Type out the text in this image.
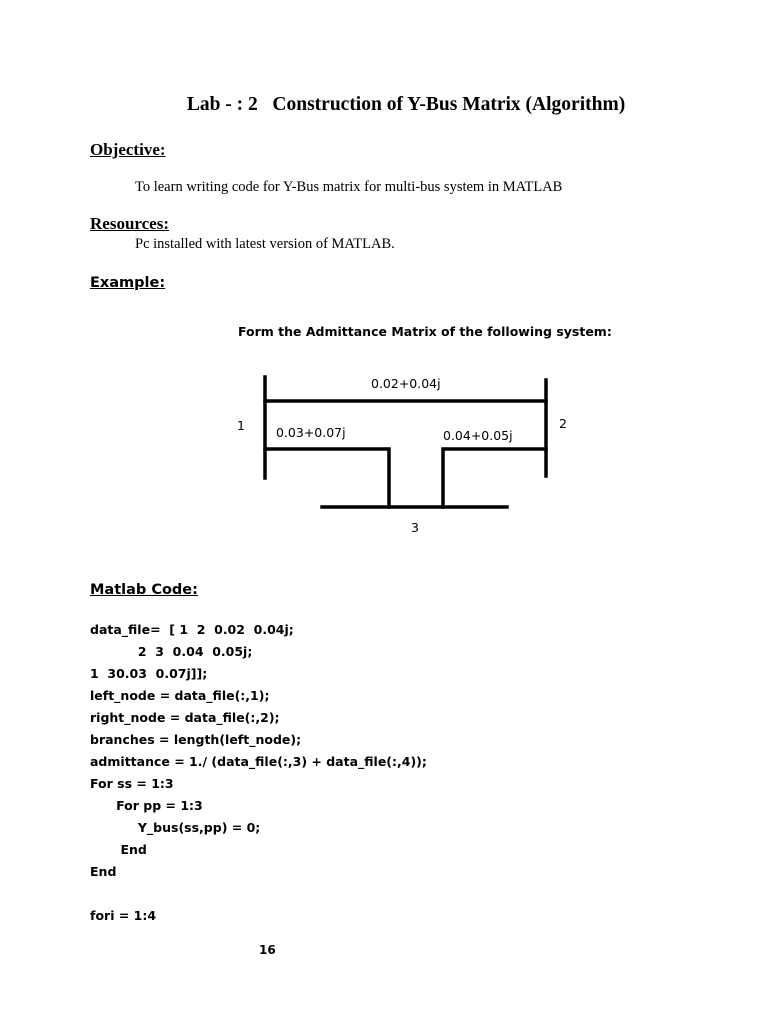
Lab - : 2   Construction of Y-Bus Matrix (Algorithm)
Objective:
To learn writing code for Y-Bus matrix for multi-bus system in MATLAB
Resources:
Pc installed with latest version of MATLAB.
Example:
Form the Admittance Matrix of the following system:
1	2
3
0.02+0.04j
0.03+0.07j	0.04+0.05j
Matlab Code:
data_file=  [ 1  2  0.02  0.04j;
2  3  0.04  0.05j;
1  30.03  0.07j]];
left_node = data_file(:,1);
right_node = data_file(:,2);
branches = length(left_node);
admittance = 1./ (data_file(:,3) + data_file(:,4));
For ss = 1:3
For pp = 1:3
Y_bus(ss,pp) = 0;
End
End
fori = 1:4
16
